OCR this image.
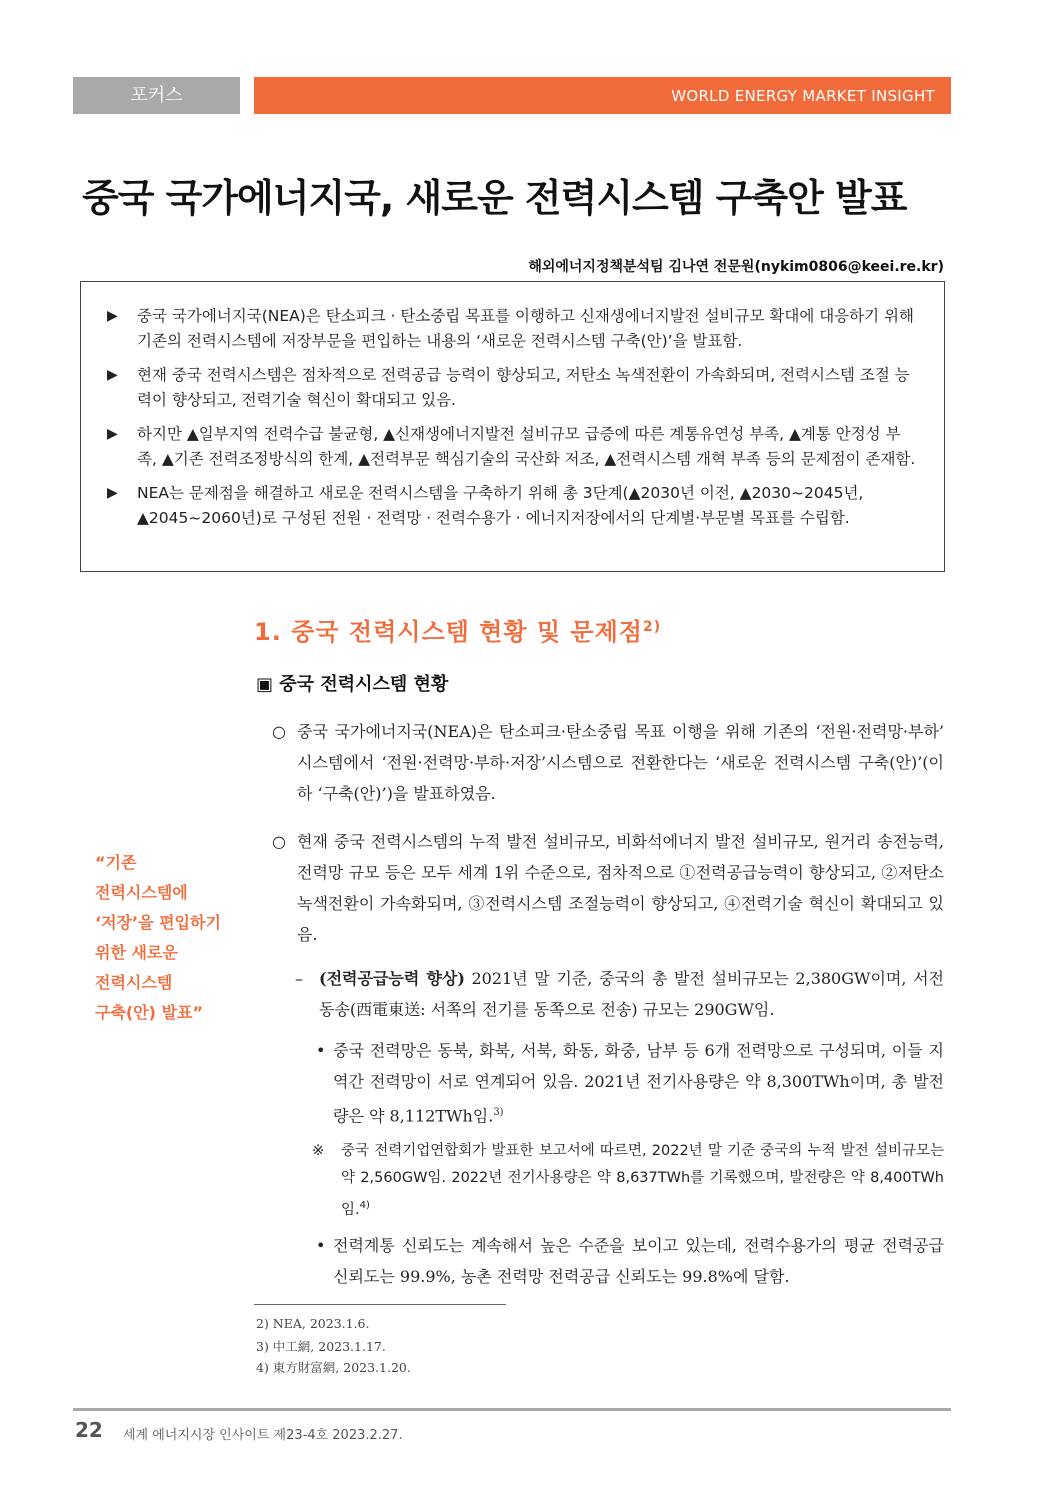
포커스	WORLD ENERGY MARKET INSIGHT
중국 국가에너지국, 새로운 전력시스템 구축안 발표
해외에너지정책분석팀 김나연 전문원(nykim0806@keei.re.kr)
▶ 중국 국가에너지국(NEA)은 탄소피크 · 탄소중립 목표를 이행하고 신재생에너지발전 설비규모 확대에 대응하기 위해 기존의 전력시스템에 저장부문을 편입하는 내용의 ‘새로운 전력시스템 구축(안)’을 발표함.
▶ 현재 중국 전력시스템은 점차적으로 전력공급 능력이 향상되고, 저탄소 녹색전환이 가속화되며, 전력시스템 조절 능력이 향상되고, 전력기술 혁신이 확대되고 있음.
▶ 하지만 ▲일부지역 전력수급 불균형, ▲신재생에너지발전 설비규모 급증에 따른 계통유연성 부족, ▲계통 안정성 부족, ▲기존 전력조정방식의 한계, ▲전력부문 핵심기술의 국산화 저조, ▲전력시스템 개혁 부족 등의 문제점이 존재함.
▶ NEA는 문제점을 해결하고 새로운 전력시스템을 구축하기 위해 총 3단계(▲2030년 이전, ▲2030~2045년, ▲2045~2060년)로 구성된 전원 · 전력망 · 전력수용가 · 에너지저장에서의 단계별·부문별 목표를 수립함.
1. 중국 전력시스템 현황 및 문제점$^{2)}$
▣ 중국 전력시스템 현황
○ 중국 국가에너지국(NEA)은 탄소피크·탄소중립 목표 이행을 위해 기존의 ‘전원·전력망·부하’ 시스템에서 ‘전원·전력망·부하·저장’시스템으로 전환한다는 ‘새로운 전력시스템 구축(안)’(이하 ‘구축(안)’)을 발표하였음.
○ 현재 중국 전력시스템의 누적 발전 설비규모, 비화석에너지 발전 설비규모, 원거리 송전능력, 전력망 규모 등은 모두 세계 1위 수준으로, 점차적으로 ①전력공급능력이 향상되고, ②저탄소 녹색전환이 가속화되며, ③전력시스템 조절능력이 향상되고, ④전력기술 혁신이 확대되고 있음.
– (전력공급능력 향상) 2021년 말 기준, 중국의 총 발전 설비규모는 2,380GW이며, 서전동송(西電東送: 서쪽의 전기를 동쪽으로 전송) 규모는 290GW임.
• 중국 전력망은 동북, 화북, 서북, 화동, 화중, 남부 등 6개 전력망으로 구성되며, 이들 지역간 전력망이 서로 연계되어 있음. 2021년 전기사용량은 약 8,300TWh이며, 총 발전량은 약 8,112TWh임.$^{3)}$
※ 중국 전력기업연합회가 발표한 보고서에 따르면, 2022년 말 기준 중국의 누적 발전 설비규모는 약 2,560GW임. 2022년 전기사용량은 약 8,637TWh를 기록했으며, 발전량은 약 8,400TWh임.$^{4)}$
• 전력계통 신뢰도는 계속해서 높은 수준을 보이고 있는데, 전력수용가의 평균 전력공급 신뢰도는 99.9%, 농촌 전력망 전력공급 신뢰도는 99.8%에 달함.
“기존
전력시스템에
‘저장’을 편입하기
위한 새로운
전력시스템
구축(안) 발표”
2) NEA, 2023.1.6.
3) 中工網, 2023.1.17.
4) 東方財富網, 2023.1.20.
22 세계 에너지시장 인사이트 제23-4호 2023.2.27.
